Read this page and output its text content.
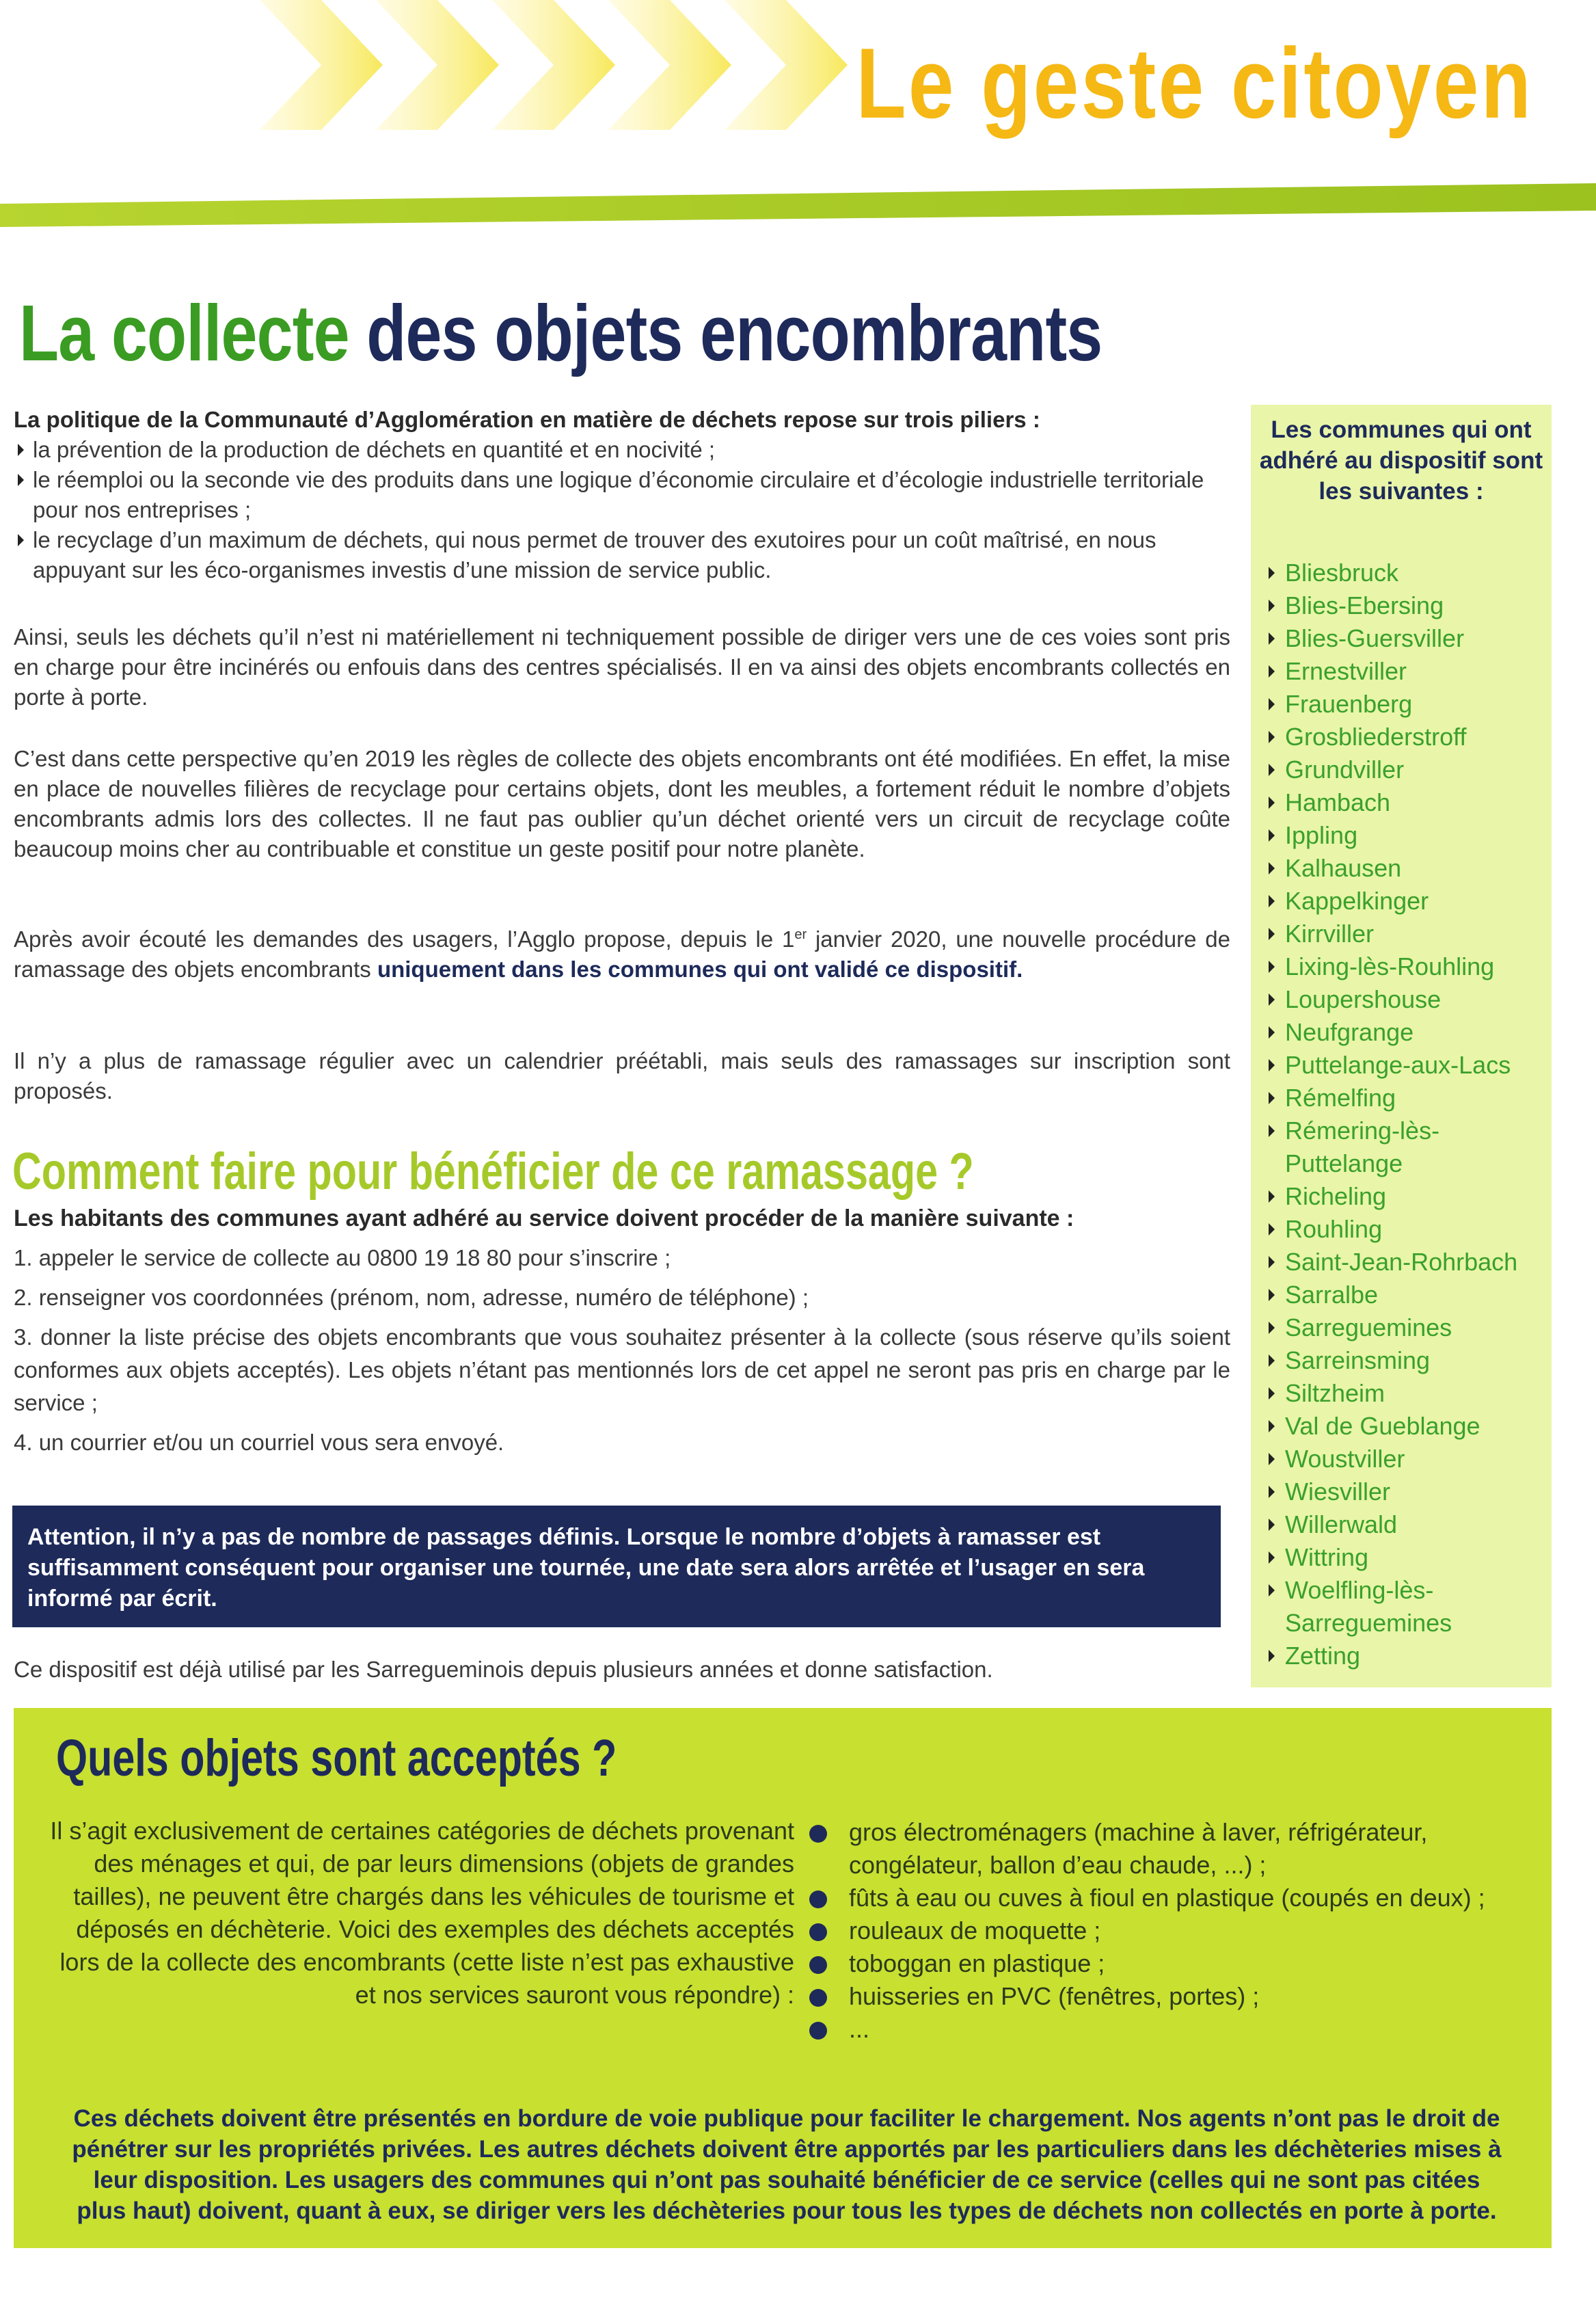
Le geste citoyen
La collecte des objets encombrants
La politique de la Communauté d’Agglomération en matière de déchets repose sur trois piliers :
la prévention de la production de déchets en quantité et en nocivité ;
le réemploi ou la seconde vie des produits dans une logique d’économie circulaire et d’écologie industrielle territoriale pour nos entreprises ;
le recyclage d’un maximum de déchets, qui nous permet de trouver des exutoires pour un coût maîtrisé, en nous appuyant sur les éco-organismes investis d’une mission de service public.
Ainsi, seuls les déchets qu’il n’est ni matériellement ni techniquement possible de diriger vers une de ces voies sont pris en charge pour être incinérés ou enfouis dans des centres spécialisés. Il en va ainsi des objets encombrants collectés en porte à porte.
C’est dans cette perspective qu’en 2019 les règles de collecte des objets encombrants ont été modifiées. En effet, la mise en place de nouvelles filières de recyclage pour certains objets, dont les meubles, a fortement réduit le nombre d’objets encombrants admis lors des collectes. Il ne faut pas oublier qu’un déchet orienté vers un circuit de recyclage coûte beaucoup moins cher au contribuable et constitue un geste positif pour notre planète.
Après avoir écouté les demandes des usagers, l’Agglo propose, depuis le 1er janvier 2020, une nouvelle procédure de ramassage des objets encombrants uniquement dans les communes qui ont validé ce dispositif.
Il n’y a plus de ramassage régulier avec un calendrier préétabli, mais seuls des ramassages sur inscription sont proposés.
Les communes qui ont adhéré au dispositif sont les suivantes :
Bliesbruck
Blies-Ebersing
Blies-Guersviller
Ernestviller
Frauenberg
Grosbliederstroff
Grundviller
Hambach
Ippling
Kalhausen
Kappelkinger
Kirrviller
Lixing-lès-Rouhling
Loupershouse
Neufgrange
Puttelange-aux-Lacs
Rémelfing
Rémering-lès-Puttelange
Richeling
Rouhling
Saint-Jean-Rohrbach
Sarralbe
Sarreguemines
Sarreinsming
Siltzheim
Val de Gueblange
Woustviller
Wiesviller
Willerwald
Wittring
Woelfling-lès-Sarreguemines
Zetting
Comment faire pour bénéficier de ce ramassage ?
Les habitants des communes ayant adhéré au service doivent procéder de la manière suivante :
1. appeler le service de collecte au 0800 19 18 80 pour s’inscrire ;
2. renseigner vos coordonnées (prénom, nom, adresse, numéro de téléphone) ;
3. donner la liste précise des objets encombrants que vous souhaitez présenter à la collecte (sous réserve qu’ils soient conformes aux objets acceptés). Les objets n’étant pas mentionnés lors de cet appel ne seront pas pris en charge par le service ;
4. un courrier et/ou un courriel vous sera envoyé.
Attention, il n’y a pas de nombre de passages définis. Lorsque le nombre d’objets à ramasser est suffisamment conséquent pour organiser une tournée, une date sera alors arrêtée et l’usager en sera informé par écrit.
Ce dispositif est déjà utilisé par les Sarregueminois depuis plusieurs années et donne satisfaction.
Quels objets sont acceptés ?
Il s’agit exclusivement de certaines catégories de déchets provenant des ménages et qui, de par leurs dimensions (objets de grandes tailles), ne peuvent être chargés dans les véhicules de tourisme et déposés en déchèterie. Voici des exemples des déchets acceptés lors de la collecte des encombrants (cette liste n’est pas exhaustive et nos services sauront vous répondre) :
gros électroménagers (machine à laver, réfrigérateur, congélateur, ballon d’eau chaude, ...) ;
fûts à eau ou cuves à fioul en plastique (coupés en deux) ;
rouleaux de moquette ;
toboggan en plastique ;
huisseries en PVC (fenêtres, portes) ;
...
Ces déchets doivent être présentés en bordure de voie publique pour faciliter le chargement. Nos agents n’ont pas le droit de pénétrer sur les propriétés privées. Les autres déchets doivent être apportés par les particuliers dans les déchèteries mises à leur disposition. Les usagers des communes qui n’ont pas souhaité bénéficier de ce service (celles qui ne sont pas citées plus haut) doivent, quant à eux, se diriger vers les déchèteries pour tous les types de déchets non collectés en porte à porte.
